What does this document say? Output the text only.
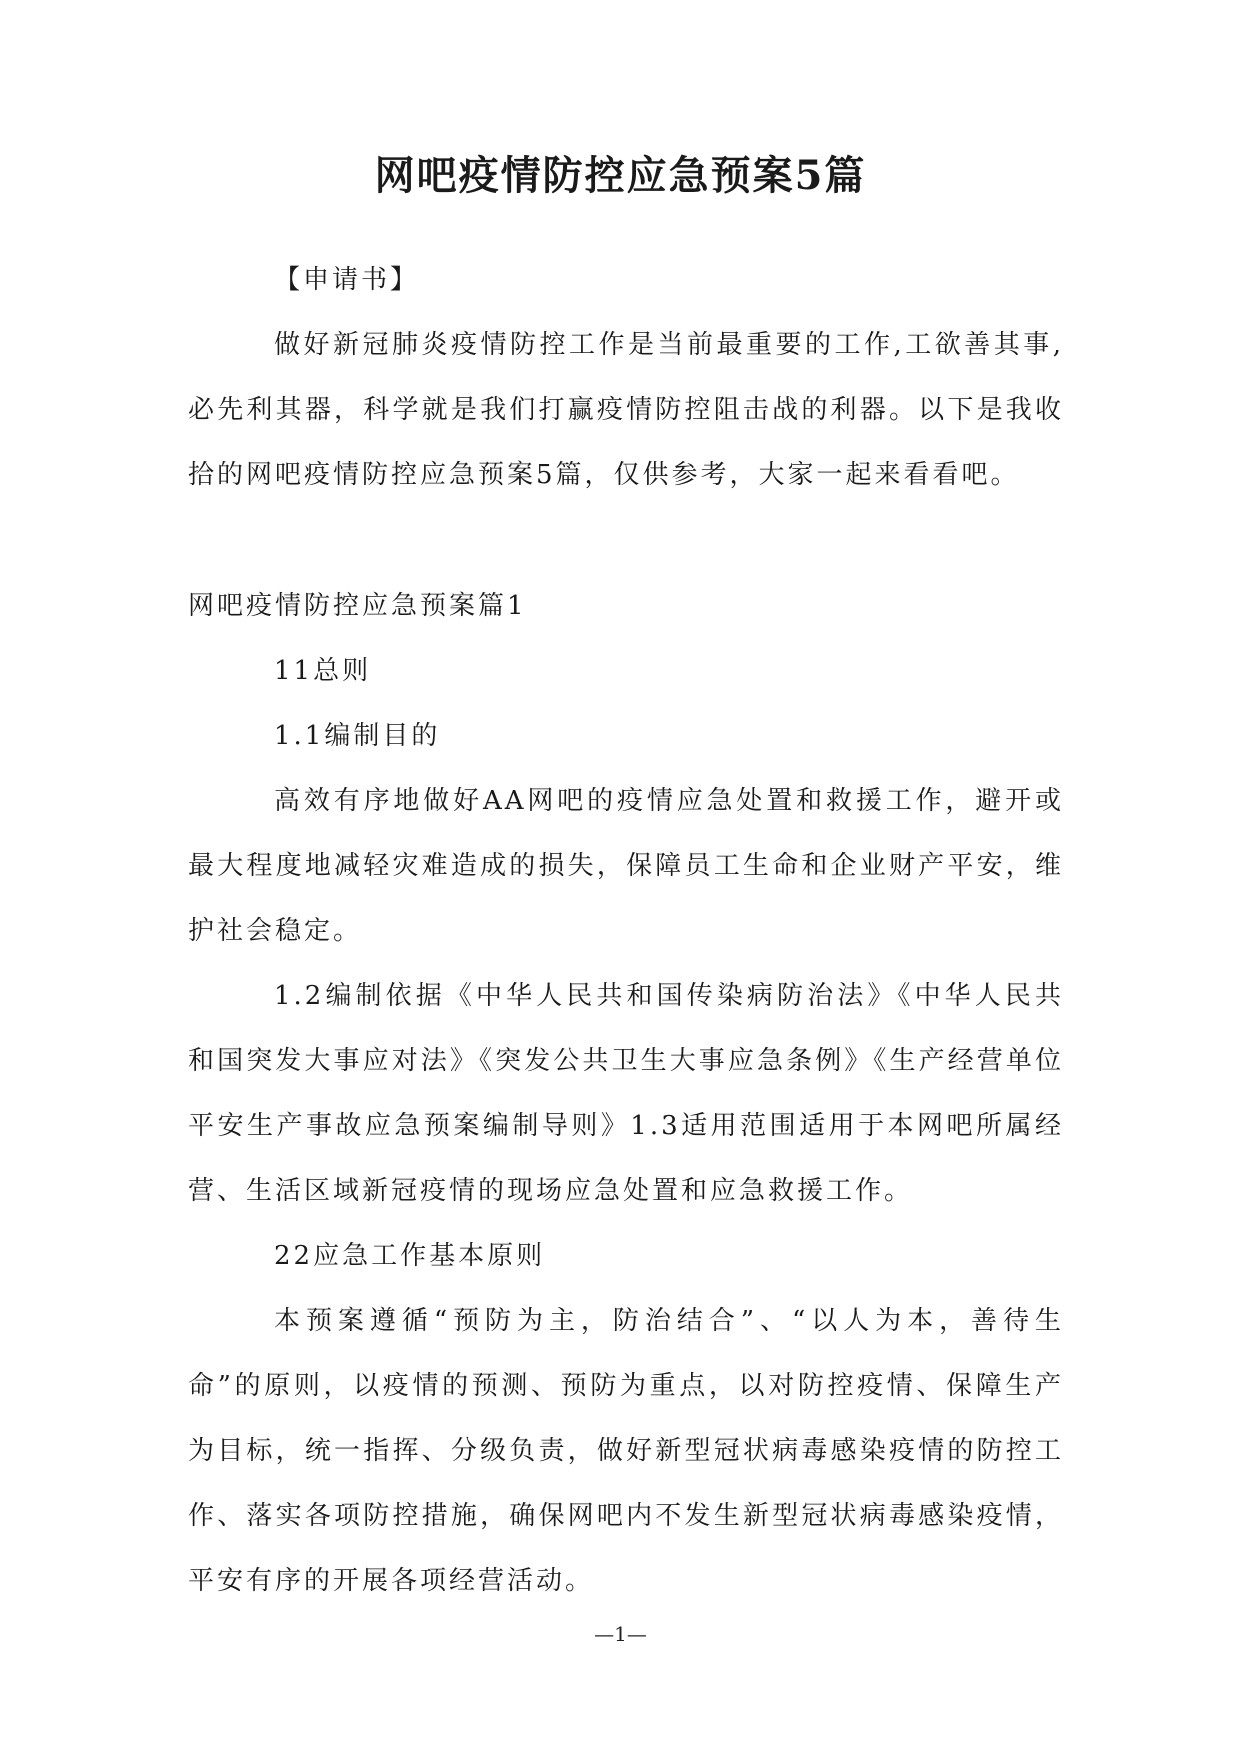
网吧疫情防控应急预案5篇

【申请书】

做好新冠肺炎疫情防控工作是当前最重要的工作,工欲善其事,必先利其器，科学就是我们打赢疫情防控阻击战的利器。以下是我收拾的网吧疫情防控应急预案5篇，仅供参考，大家一起来看看吧。

网吧疫情防控应急预案篇1

11总则

1.1编制目的

高效有序地做好AA网吧的疫情应急处置和救援工作，避开或最大程度地减轻灾难造成的损失，保障员工生命和企业财产平安，维护社会稳定。

1.2编制依据《中华人民共和国传染病防治法》《中华人民共和国突发大事应对法》《突发公共卫生大事应急条例》《生产经营单位平安生产事故应急预案编制导则》1.3适用范围适用于本网吧所属经营、生活区域新冠疫情的现场应急处置和应急救援工作。

22应急工作基本原则

本预案遵循“预防为主，防治结合”、“以人为本，善待生命”的原则，以疫情的预测、预防为重点，以对防控疫情、保障生产为目标，统一指挥、分级负责，做好新型冠状病毒感染疫情的防控工作、落实各项防控措施，确保网吧内不发生新型冠状病毒感染疫情，平安有序的开展各项经营活动。

—1—
